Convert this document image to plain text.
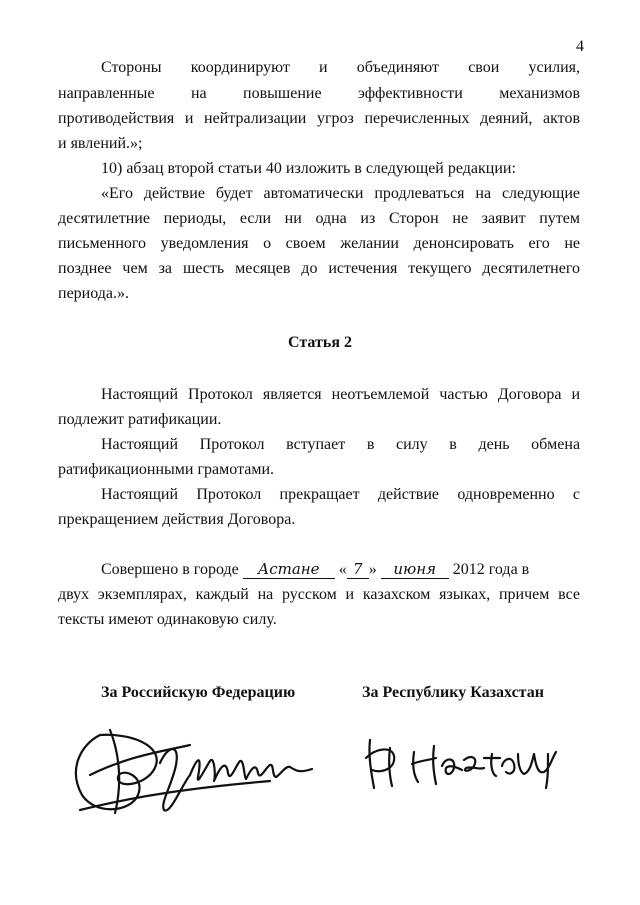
4
Стороны координируют и объединяют свои усилия,
направленные на повышение эффективности механизмов
противодействия и нейтрализации угроз перечисленных деяний, актов
и явлений.»;
10) абзац второй статьи 40 изложить в следующей редакции:
«Его действие будет автоматически продлеваться на следующие
десятилетние периоды, если ни одна из Сторон не заявит путем
письменного уведомления о своем желании денонсировать его не
позднее чем за шесть месяцев до истечения текущего десятилетнего
периода.».
Статья 2
Настоящий Протокол является неотъемлемой частью Договора и
подлежит ратификации.
Настоящий Протокол вступает в силу в день обмена
ратификационными грамотами.
Настоящий Протокол прекращает действие одновременно с
прекращением действия Договора.
Совершено в городе Астане « 7 » июня 2012 года в
двух экземплярах, каждый на русском и казахском языках, причем все
тексты имеют одинаковую силу.
За Российскую Федерацию	За Республику Казахстан
